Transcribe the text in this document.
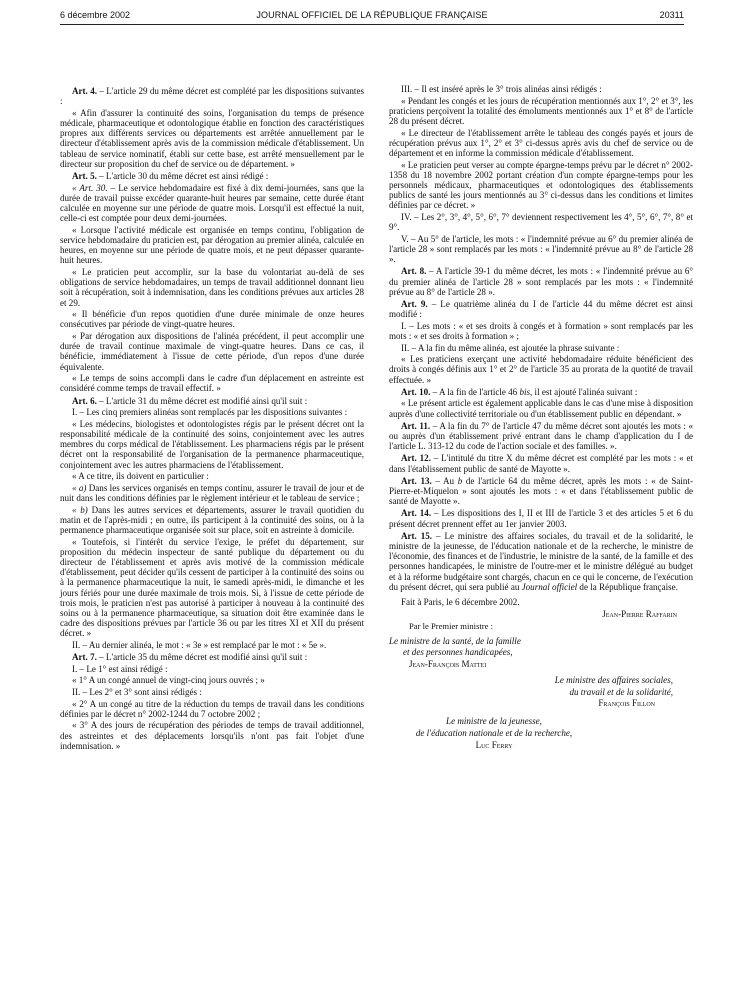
6 décembre 2002	JOURNAL OFFICIEL DE LA RÉPUBLIQUE FRANÇAISE	20311

Art. 4. – L'article 29 du même décret est complété par les dispositions suivantes :

« Afin d'assurer la continuité des soins, l'organisation du temps de présence médicale, pharmaceutique et odontologique établie en fonction des caractéristiques propres aux différents services ou départements est arrêtée annuellement par le directeur d'établissement après avis de la commission médicale d'établissement. Un tableau de service nominatif, établi sur cette base, est arrêté mensuellement par le directeur sur proposition du chef de service ou de département. »

Art. 5. – L'article 30 du même décret est ainsi rédigé :

« Art. 30. – Le service hebdomadaire est fixé à dix demi-journées, sans que la durée de travail puisse excéder quarante-huit heures par semaine, cette durée étant calculée en moyenne sur une période de quatre mois. Lorsqu'il est effectué la nuit, celle-ci est comptée pour deux demi-journées.

« Lorsque l'activité médicale est organisée en temps continu, l'obligation de service hebdomadaire du praticien est, par dérogation au premier alinéa, calculée en heures, en moyenne sur une période de quatre mois, et ne peut dépasser quarante-huit heures.

« Le praticien peut accomplir, sur la base du volontariat au-delà de ses obligations de service hebdomadaires, un temps de travail additionnel donnant lieu soit à récupération, soit à indemnisation, dans les conditions prévues aux articles 28 et 29.

« Il bénéficie d'un repos quotidien d'une durée minimale de onze heures consécutives par période de vingt-quatre heures.

« Par dérogation aux dispositions de l'alinéa précédent, il peut accomplir une durée de travail continue maximale de vingt-quatre heures. Dans ce cas, il bénéficie, immédiatement à l'issue de cette période, d'un repos d'une durée équivalente.

« Le temps de soins accompli dans le cadre d'un déplacement en astreinte est considéré comme temps de travail effectif. »

Art. 6. – L'article 31 du même décret est modifié ainsi qu'il suit :

I. – Les cinq premiers alinéas sont remplacés par les dispositions suivantes :

« Les médecins, biologistes et odontologistes régis par le présent décret ont la responsabilité médicale de la continuité des soins, conjointement avec les autres membres du corps médical de l'établissement. Les pharmaciens régis par le présent décret ont la responsabilité de l'organisation de la permanence pharmaceutique, conjointement avec les autres pharmaciens de l'établissement.

« A ce titre, ils doivent en particulier :

« a) Dans les services organisés en temps continu, assurer le travail de jour et de nuit dans les conditions définies par le règlement intérieur et le tableau de service ;

« b) Dans les autres services et départements, assurer le travail quotidien du matin et de l'après-midi ; en outre, ils participent à la continuité des soins, ou à la permanence pharmaceutique organisée soit sur place, soit en astreinte à domicile.

« Toutefois, si l'intérêt du service l'exige, le préfet du département, sur proposition du médecin inspecteur de santé publique du département ou du directeur de l'établissement et après avis motivé de la commission médicale d'établissement, peut décider qu'ils cessent de participer à la continuité des soins ou à la permanence pharmaceutique la nuit, le samedi après-midi, le dimanche et les jours fériés pour une durée maximale de trois mois. Si, à l'issue de cette période de trois mois, le praticien n'est pas autorisé à participer à nouveau à la continuité des soins ou à la permanence pharmaceutique, sa situation doit être examinée dans le cadre des dispositions prévues par l'article 36 ou par les titres XI et XII du présent décret. »

II. – Au dernier alinéa, le mot : « 3e » est remplacé par le mot : « 5e ».

Art. 7. – L'article 35 du même décret est modifié ainsi qu'il suit :

I. – Le 1° est ainsi rédigé :

« 1° A un congé annuel de vingt-cinq jours ouvrés ; »

II. – Les 2° et 3° sont ainsi rédigés :

« 2° A un congé au titre de la réduction du temps de travail dans les conditions définies par le décret n° 2002-1244 du 7 octobre 2002 ;

« 3° A des jours de récupération des périodes de temps de travail additionnel, des astreintes et des déplacements lorsqu'ils n'ont pas fait l'objet d'une indemnisation. »

III. – Il est inséré après le 3° trois alinéas ainsi rédigés :

« Pendant les congés et les jours de récupération mentionnés aux 1°, 2° et 3°, les praticiens perçoivent la totalité des émoluments mentionnés aux 1° et 8° de l'article 28 du présent décret.

« Le directeur de l'établissement arrête le tableau des congés payés et jours de récupération prévus aux 1°, 2° et 3° ci-dessus après avis du chef de service ou de département et en informe la commission médicale d'établissement.

« Le praticien peut verser au compte épargne-temps prévu par le décret n° 2002-1358 du 18 novembre 2002 portant création d'un compte épargne-temps pour les personnels médicaux, pharmaceutiques et odontologiques des établissements publics de santé les jours mentionnés au 3° ci-dessus dans les conditions et limites définies par ce décret. »

IV. – Les 2°, 3°, 4°, 5°, 6°, 7° deviennent respectivement les 4°, 5°, 6°, 7°, 8° et 9°.

V. – Au 5° de l'article, les mots : « l'indemnité prévue au 6° du premier alinéa de l'article 28 » sont remplacés par les mots : « l'indemnité prévue au 8° de l'article 28 ».

Art. 8. – A l'article 39-1 du même décret, les mots : « l'indemnité prévue au 6° du premier alinéa de l'article 28 » sont remplacés par les mots : « l'indemnité prévue au 8° de l'article 28 ».

Art. 9. – Le quatrième alinéa du I de l'article 44 du même décret est ainsi modifié :

I. – Les mots : « et ses droits à congés et à formation » sont remplacés par les mots : « et ses droits à formation » ;

II. – A la fin du même alinéa, est ajoutée la phrase suivante :

« Les praticiens exerçant une activité hebdomadaire réduite bénéficient des droits à congés définis aux 1° et 2° de l'article 35 au prorata de la quotité de travail effectuée. »

Art. 10. – A la fin de l'article 46 bis, il est ajouté l'alinéa suivant :

« Le présent article est également applicable dans le cas d'une mise à disposition auprès d'une collectivité territoriale ou d'un établissement public en dépendant. »

Art. 11. – A la fin du 7° de l'article 47 du même décret sont ajoutés les mots : « ou auprès d'un établissement privé entrant dans le champ d'application du I de l'article L. 313-12 du code de l'action sociale et des familles. ».

Art. 12. – L'intitulé du titre X du même décret est complété par les mots : « et dans l'établissement public de santé de Mayotte ».

Art. 13. – Au b de l'article 64 du même décret, après les mots : « de Saint-Pierre-et-Miquelon » sont ajoutés les mots : « et dans l'établissement public de santé de Mayotte ».

Art. 14. – Les dispositions des I, II et III de l'article 3 et des articles 5 et 6 du présent décret prennent effet au 1er janvier 2003.

Art. 15. – Le ministre des affaires sociales, du travail et de la solidarité, le ministre de la jeunesse, de l'éducation nationale et de la recherche, le ministre de l'économie, des finances et de l'industrie, le ministre de la santé, de la famille et des personnes handicapées, le ministre de l'outre-mer et le ministre délégué au budget et à la réforme budgétaire sont chargés, chacun en ce qui le concerne, de l'exécution du présent décret, qui sera publié au Journal officiel de la République française.

Fait à Paris, le 6 décembre 2002.

Jean-Pierre Raffarin

Par le Premier ministre :

Le ministre de la santé, de la famille

et des personnes handicapées,

Jean-François Mattei

Le ministre des affaires sociales,

du travail et de la solidarité,

François Fillon

Le ministre de la jeunesse,

de l'éducation nationale et de la recherche,

Luc Ferry
